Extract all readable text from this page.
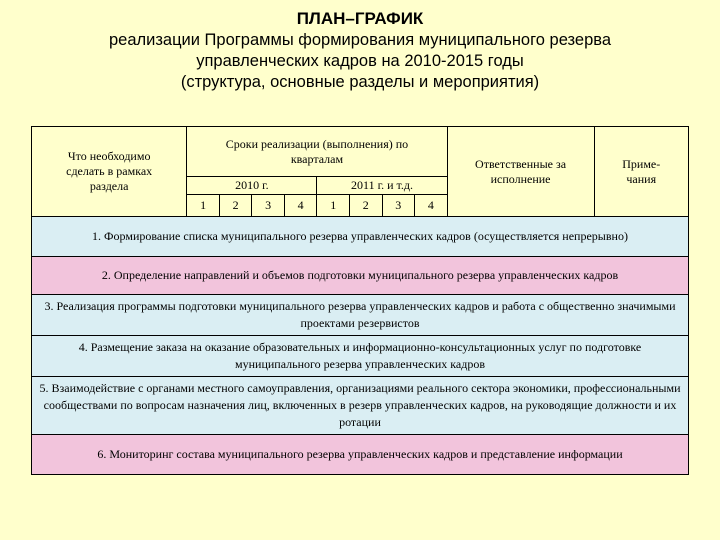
ПЛАН–ГРАФИК
реализации Программы формирования муниципального резерва
управленческих кадров на 2010-2015 годы
(структура, основные разделы и мероприятия)
Что необходимо сделать в рамках раздела	Сроки реализации (выполнения) по кварталам								Ответственные за исполнение	Приме-чания
	2010 г.				2011 г. и т.д.					
	1	2	3	4	1	2	3	4		
1. Формирование списка муниципального резерва управленческих кадров (осуществляется непрерывно)										
2. Определение направлений и объемов подготовки муниципального резерва управленческих кадров										
3. Реализация программы подготовки муниципального резерва управленческих кадров и работа с общественно значимыми проектами резервистов										
4. Размещение заказа на оказание образовательных и информационно-консультационных услуг по подготовке муниципального резерва управленческих кадров										
5. Взаимодействие с органами местного самоуправления, организациями реального сектора экономики, профессиональными сообществами по вопросам назначения лиц, включенных в резерв управленческих кадров, на руководящие должности и их ротации										
6. Мониторинг состава муниципального резерва управленческих кадров и представление информации										
